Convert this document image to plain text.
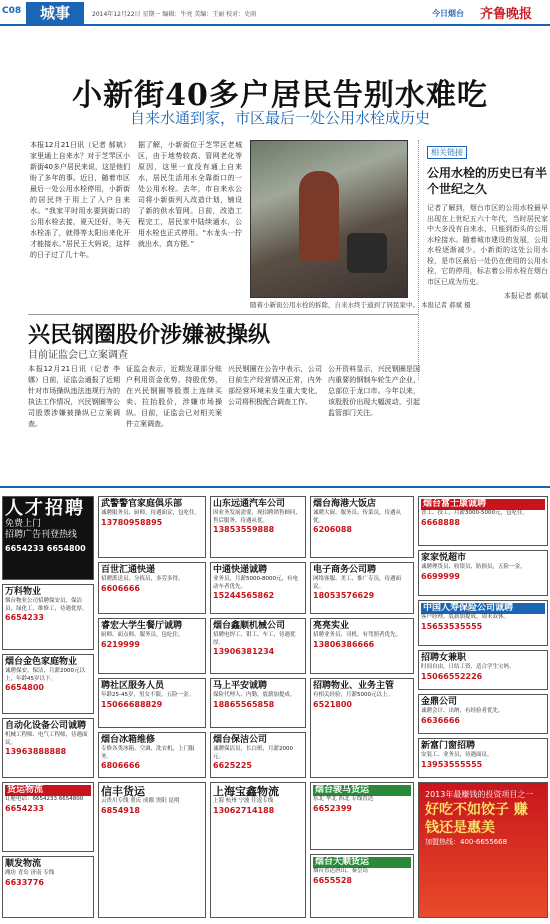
C08	城事	2014年12月22日 星期一 编辑：牛亮 美编：王丽 校对：史雨	今日烟台 齐鲁晚报
小新街40多户居民告别水难吃
自来水通到家，市区最后一处公用水栓成历史
本报12月21日讯（记者 郝斌）家里通上自来水？对于芝罘区小新街40多户居民来说，这是他们盼了多年的事。近日，随着市区最后一处公用水栓停用，小新街的居民终于用上了入户自来水。“我家平时用水要到街口的公用水栓去接，夏天还好，冬天水栓冻了，就得等太阳出来化开才能接水。”居民王大妈说，这样的日子过了几十年。
据了解，小新街位于芝罘区老城区，由于地势较高、管网老化等原因，这里一直没有通上自来水，居民生活用水全靠街口的一处公用水栓。去年，市自来水公司将小新街列入改造计划，铺设了新的供水管网。日前，改造工程完工，居民家中陆续通水，公用水栓也正式停用。“水龙头一拧就出水，真方便。”
随着小新街公用水栓的拆除，自来水终于通到了居民家中。 本报记者 郝斌 摄
相关链接
公用水栓的历史已有半个世纪之久
记者了解到，烟台市区的公用水栓最早出现在上世纪五六十年代，当时居民家中大多没有自来水，只能到街头的公用水栓接水。随着城市建设的发展，公用水栓逐渐减少。小新街的这处公用水栓，是市区最后一处仍在使用的公用水栓，它的停用，标志着公用水栓在烟台市区已成为历史。
本报记者 郝斌
兴民钢圈股价涉嫌被操纵
目前证监会已立案调查
本报12月21日讯（记者 李娜）日前，证监会通报了近期针对市场操纵违法违规行为的执法工作情况，兴民钢圈等公司股票涉嫌被操纵已立案调查。
证监会表示，近期发现部分账户利用资金优势、持股优势，在兴民钢圈等股票上连续买卖、拉抬股价，涉嫌市场操纵。目前，证监会已对相关案件立案调查。
兴民钢圈在公告中表示，公司目前生产经营情况正常，内外部经营环境未发生重大变化，公司将积极配合调查工作。
公开资料显示，兴民钢圈是国内重要的钢制车轮生产企业，总部位于龙口市。今年以来，该股股价出现大幅波动，引起监管部门关注。
人才招聘
免费上门
招聘广告刊登热线
6654233 6654800
万科物业
烟台物业公司招聘保安员、保洁员、绿化工、维修工，待遇优厚。
6654233
烟台金色家庭物业
诚聘保安、保洁，月薪2000元以上，年龄45岁以下。
6654800
自动化设备公司诚聘
机械工程师、电气工程师，待遇面议。
13963888888
货运物流
订舱电话：6654233 6654800
6654233
顺发物流
潍坊 青岛 济南 专线
6633776
武警警官家庭俱乐部
诚聘服务员、厨师，待遇面议，包吃住。
13780958895
百世汇通快递
招聘派送员、分拣员，多劳多得。
6606666
睿宏大学生餐厅诚聘
厨师、面点师、服务员，包吃住。
6219999
聘社区服务人员
年龄25-45岁，男女不限，五险一金。
15066688829
烟台冰箱维修
专修各类冰箱、空调、洗衣机，上门服务。
6806666
信丰货运
云贵川专线 重庆 成都 贵阳 昆明
6854918
山东远通汽车公司
因业务发展需要，现招聘销售顾问、售后服务，待遇从优。
13853559888
中通快递诚聘
业务员，月薪5000-8000元，有电动车者优先。
15244565862
烟台鑫顺机械公司
招聘电焊工、钳工、车工，待遇优厚。
13906381234
马上平安诚聘
保险代理人、内勤，底薪加提成。
18865565858
烟台保洁公司
诚聘保洁员，长白班，月薪2000元。
6625225
上海宝鑫物流
上海 杭州 宁波 往返专线
13062714188
烟台海港大饭店
诚聘大厨、服务员、传菜员，待遇从优。
6206088
电子商务公司聘
网络客服、美工、推广专员，待遇面议。
18053576629
亮亮实业
招聘业务员、司机，有驾照者优先。
13806386666
招聘物业、业务主管
有相关经验，月薪5000元以上。
6521800
烟台骏马货运
东北 华北 西北 专线直达
6652399
烟台天顺货运
烟台直达唐山、秦皇岛
6655528
烟台富士康诚聘
普工、技工，月薪3000-5000元，包吃住。
6668888
家家悦超市
诚聘理货员、收银员、防损员，五险一金。
6699999
中国人寿保险公司诚聘
客户经理，底薪加提成，周末双休。
15653535555
招聘女兼职
时间自由，日结工资，适合学生宝妈。
15066552226
金鼎公司
诚聘会计、出纳，有经验者优先。
6636666
新富门窗招聘
安装工、业务员，待遇面议。
13953555555
2013年最赚钱的投资项目之一
好吃不如饺子 赚钱还是惠美
加盟热线：400-6655668
